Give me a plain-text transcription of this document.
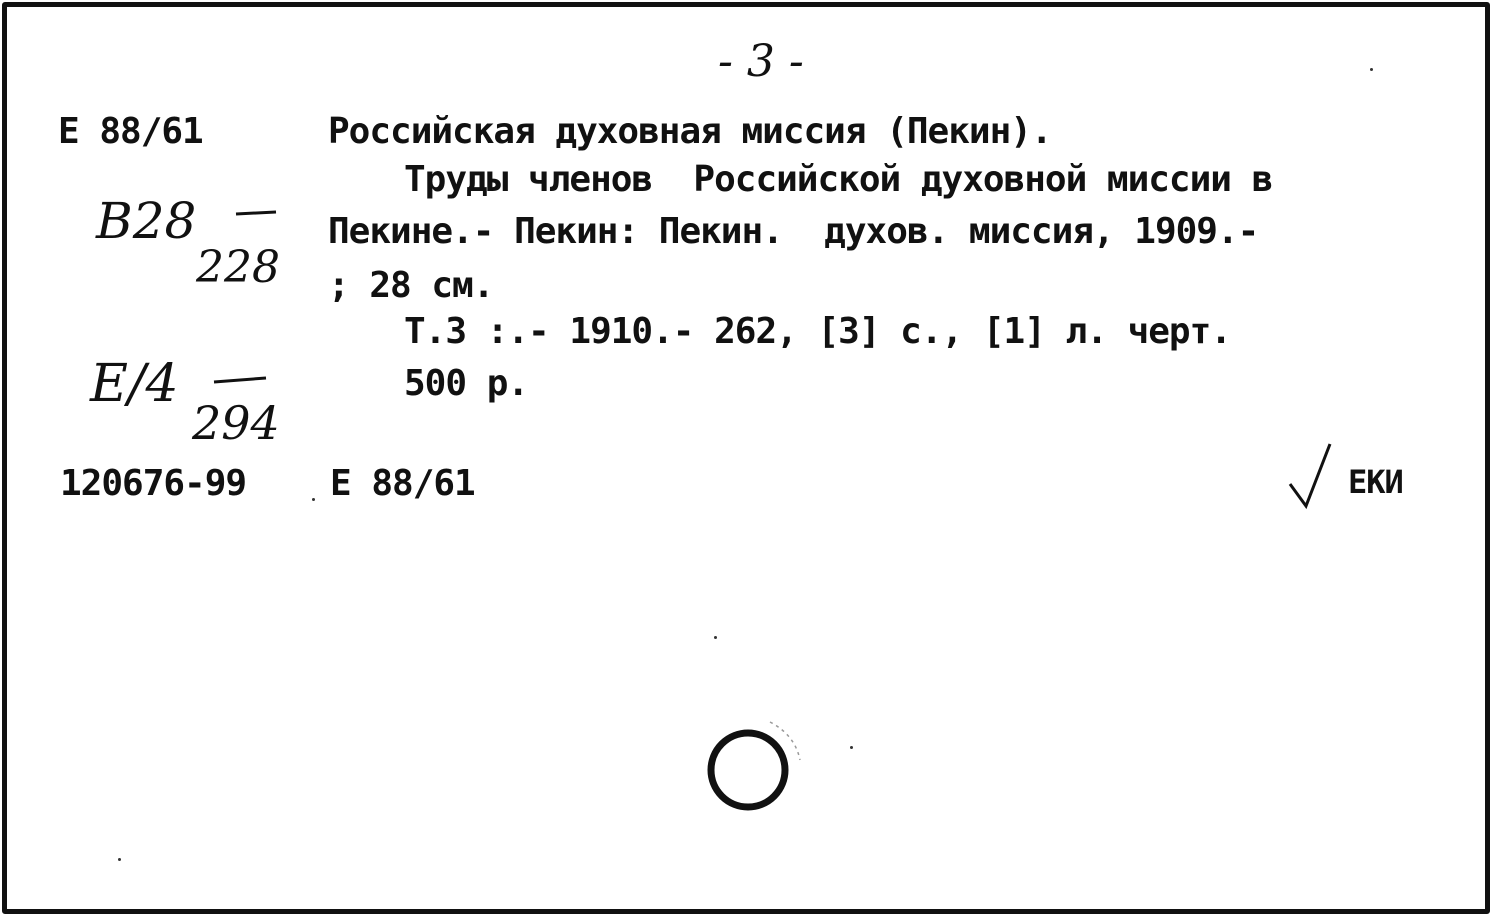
- 3 -
Е 88/61	Российская духовная миссия (Пекин).
Труды членов  Российской духовной миссии в
Пекине.- Пекин: Пекин.  духов. миссия, 1909.-
; 28 см.
Т.3 :.- 1910.- 262, [3] с., [1] л. черт.
500 р.
120676-99 Е 88/61	ЕКИ
В28
228
Е/4
294
